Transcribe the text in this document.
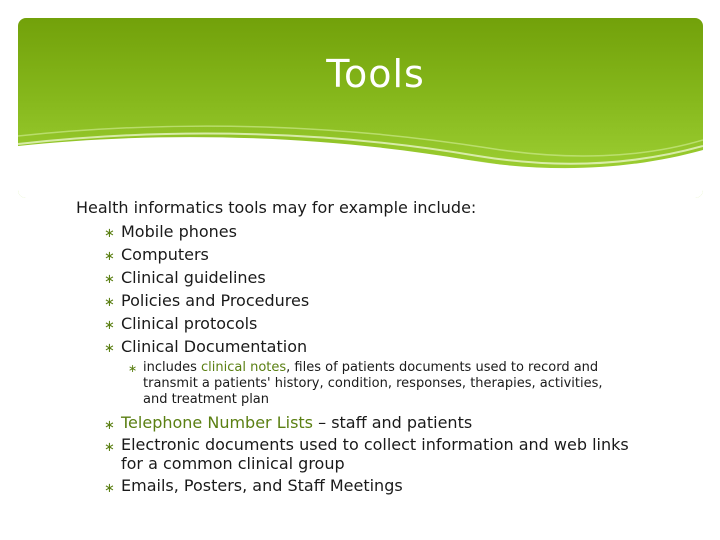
Tools
Health informatics tools may for example include:
∗ Mobile phones
∗ Computers
∗ Clinical guidelines
∗ Policies and Procedures
∗ Clinical protocols
∗ Clinical Documentation
∗ includes clinical notes, files of patients documents used to record and
transmit a patients' history, condition, responses, therapies, activities,
and treatment plan
∗ Telephone Number Lists – staff and patients
∗ Electronic documents used to collect information and web links
for a common clinical group
∗ Emails, Posters, and Staff Meetings
